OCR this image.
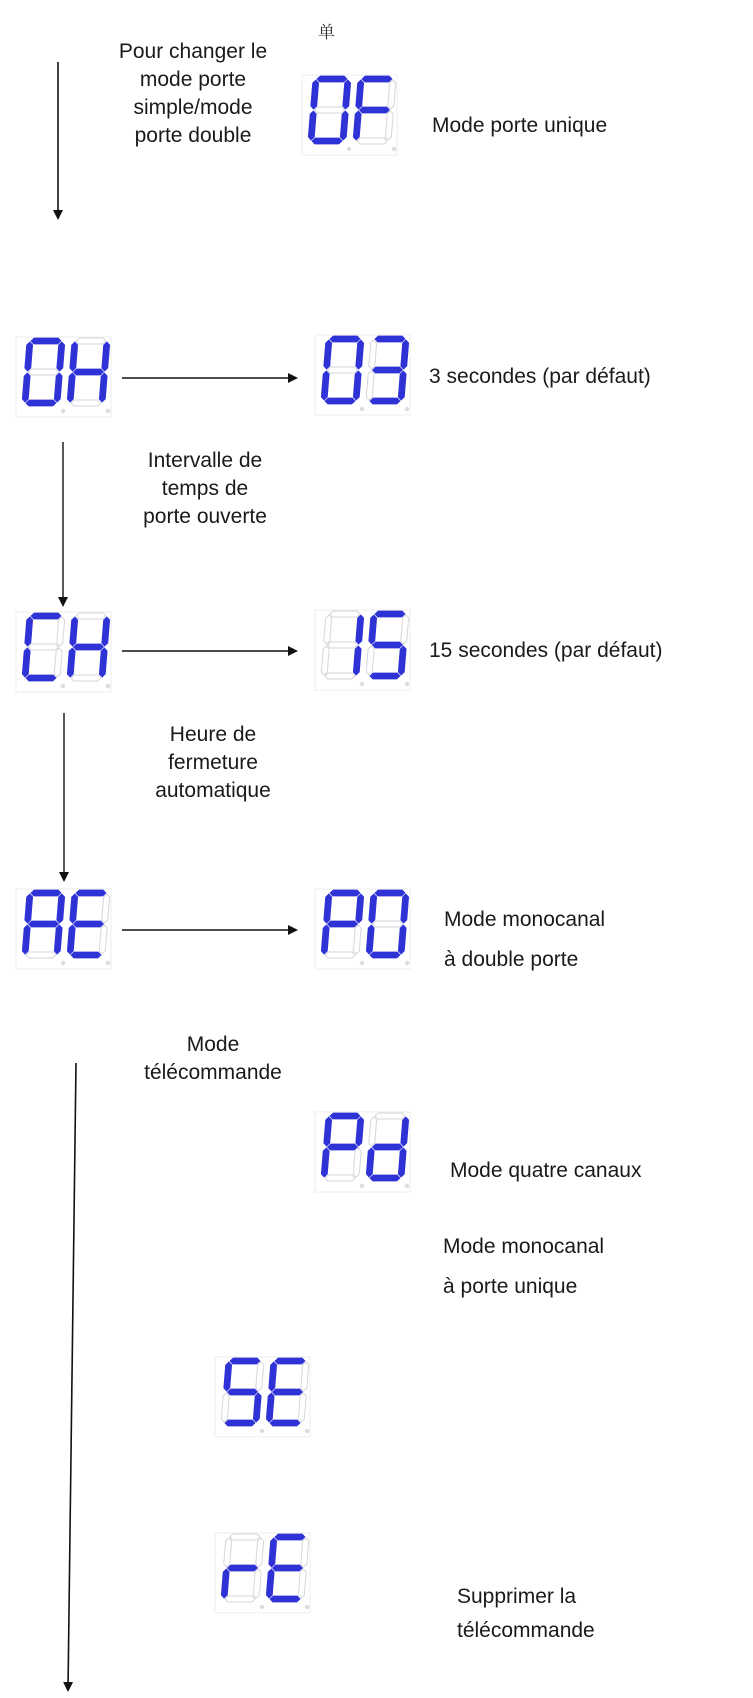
单
Pour changer le
mode porte
simple/mode
porte double	Mode porte unique
Intervalle de
temps de
porte ouverte
3 secondes (par défaut)
Heure de
fermeture
automatique
15 secondes (par défaut)
Mode
télécommande
Mode monocanal
à double porte
Mode quatre canaux
Mode monocanal
à porte unique
Supprimer la
télécommande
